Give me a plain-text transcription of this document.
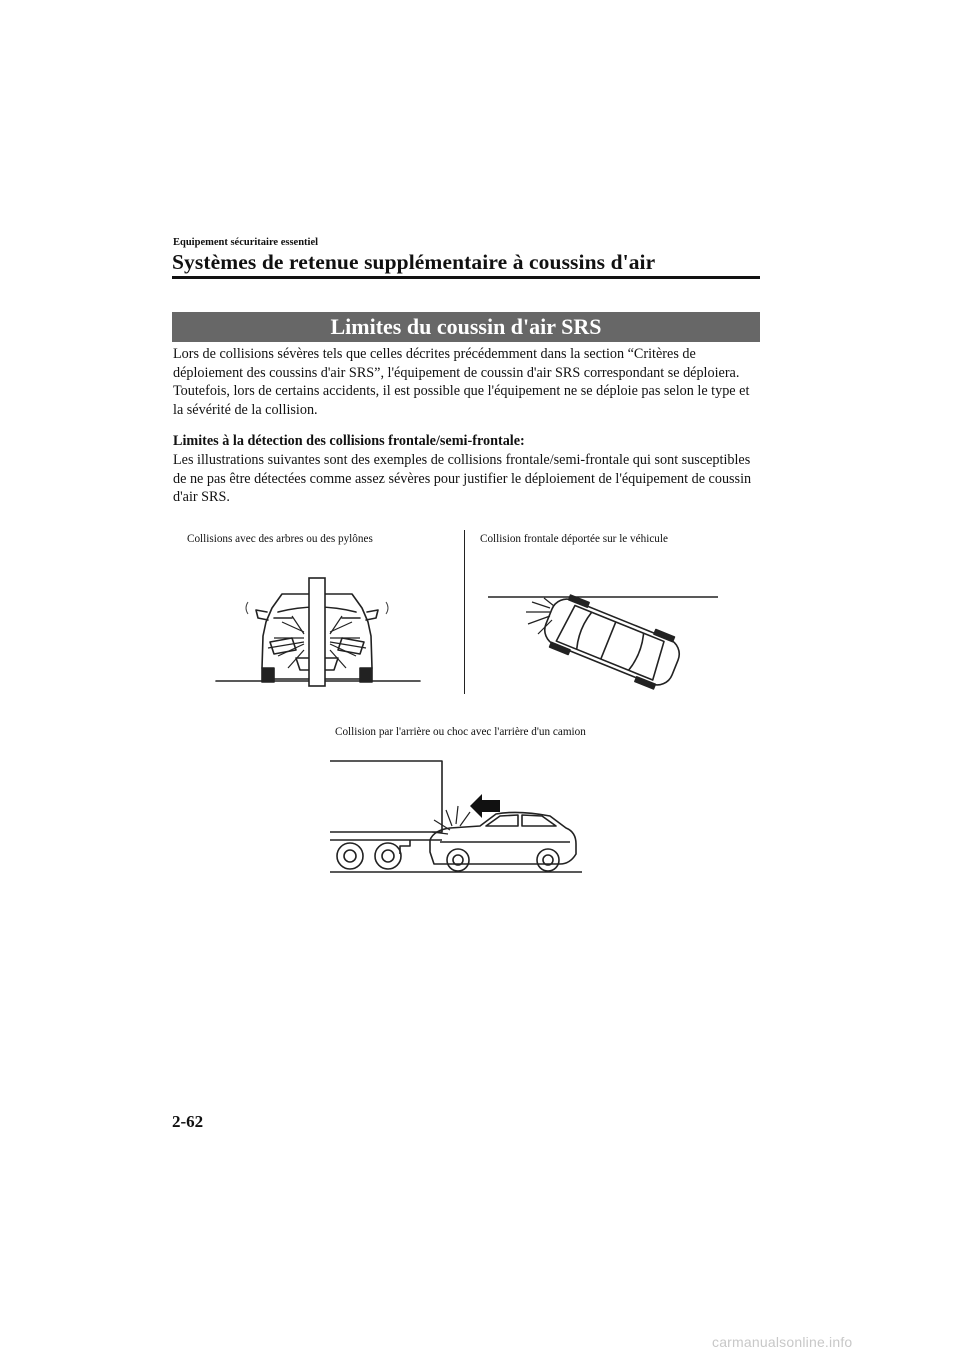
Equipement sécuritaire essentiel
Systèmes de retenue supplémentaire à coussins d'air
Limites du coussin d'air SRS
Lors de collisions sévères tels que celles décrites précédemment dans la section “Critères de déploiement des coussins d'air SRS”, l'équipement de coussin d'air SRS correspondant se déploiera. Toutefois, lors de certains accidents, il est possible que l'équipement ne se déploie pas selon le type et la sévérité de la collision.
Limites à la détection des collisions frontale/semi-frontale:
Les illustrations suivantes sont des exemples de collisions frontale/semi-frontale qui sont susceptibles de ne pas être détectées comme assez sévères pour justifier le déploiement de l'équipement de coussin d'air SRS.
Collisions avec des arbres ou des pylônes	Collision frontale déportée sur le véhicule
Collision par l'arrière ou choc avec l'arrière d'un camion
2-62
carmanualsonline.info
